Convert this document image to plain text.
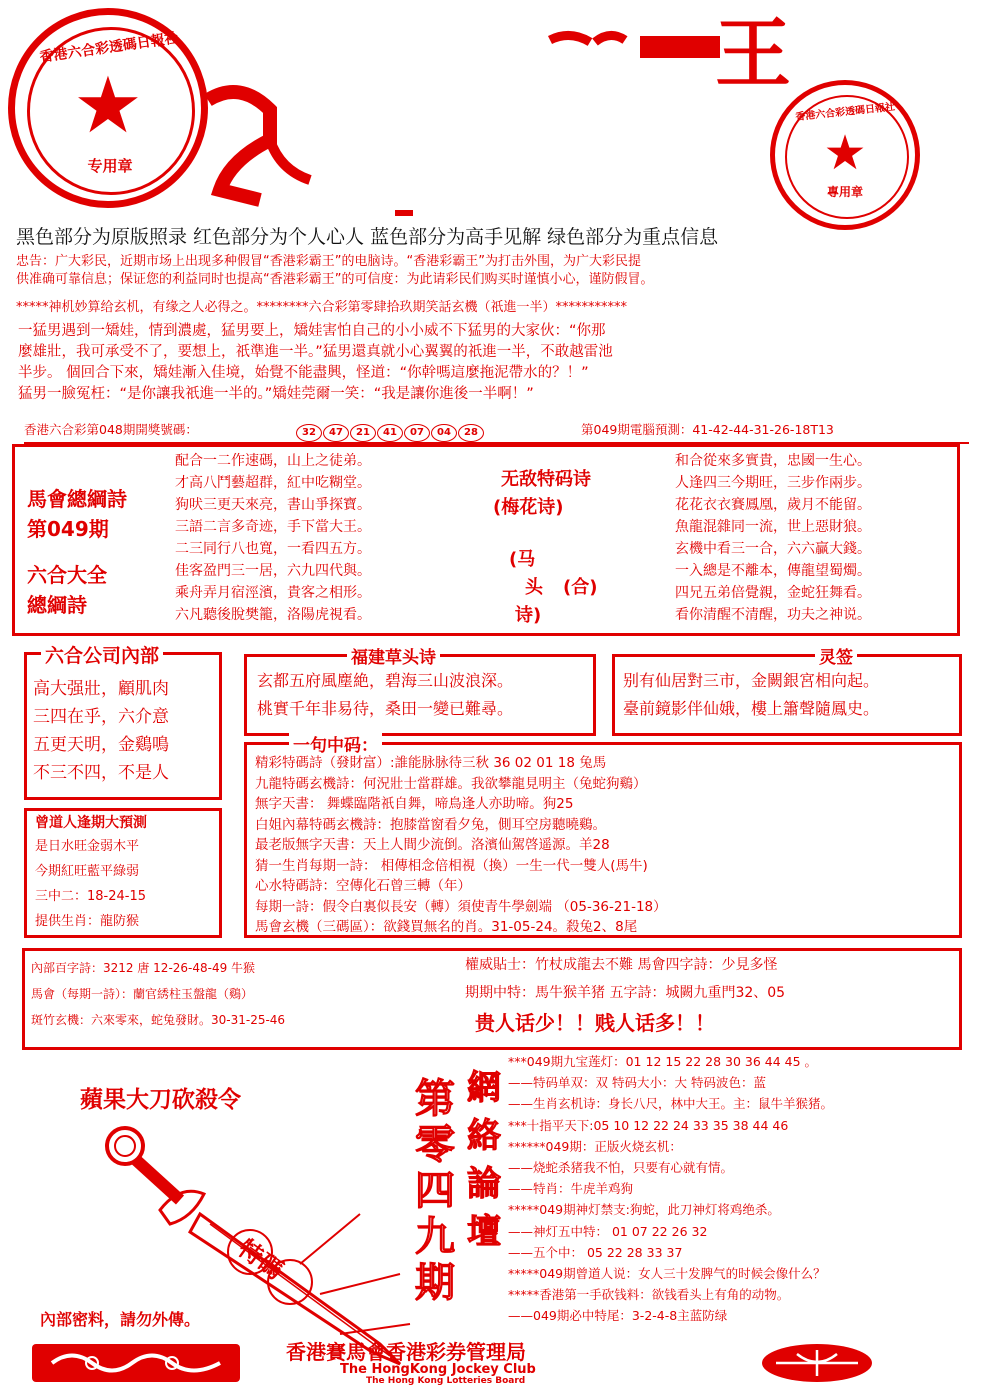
★
香港六合彩透碼日報社
专用章
王
★
香港六合彩透碼日報社
專用章
黑色部分为原版照录 红色部分为个人心人 蓝色部分为高手见解 绿色部分为重点信息
忠告：广大彩民，近期市场上出现多种假冒“香港彩霸王”的电脑诗。“香港彩霸王”为打击外围，为广大彩民提
供准确可靠信息；保证您的利益同时也提高“香港彩霸王”的可信度：为此请彩民们购买时谨慎小心，谨防假冒。
*****神机妙算给玄机，有缘之人必得之。********六合彩第零肆拾玖期笑話玄機（祇進一半）***********
一猛男遇到一矯娃，情到濃處，猛男要上，矯娃害怕自己的小小威不下猛男的大家伙：“你那
麼雄壯，我可承受不了，要想上，祇準進一半。”猛男還真就小心翼翼的祇進一半，不敢越雷池
半步。 個回合下來，矯娃漸入佳境，始覺不能盡興，怪道：“你幹嗎這麼拖泥帶水的？！”
猛男一臉冤枉：“是你讓我祇進一半的。”矯娃莞爾一笑：“我是讓你進後一半啊！”
香港六合彩第048期開獎號碼：	32 47 21 41 07 04 28	第049期電腦預測：41-42-44-31-26-18T13
馬會總綱詩
第049期
六合大全
總綱詩
配合一二作速碼，山上之徒弟。
才高八鬥藝超群，紅中吃糊堂。
狗吠三更天來亮，書山爭探寶。
三語二言多奇迹，手下當大王。
二三同行八也寬，一看四五方。
佳客盈門三一居，六九四代與。
乘舟弄月宿涇濱，貴客之相形。
六凡聽後脫樊籠，洛陽虎視看。
无敌特码诗
(梅花诗)
(马
头
诗)
(合)
和合從來多實貴，忠國一生心。
人逢四三今期旺，三步作兩步。
花花衣衣賽鳳凰，歲月不能留。
魚龍混雜同一流，世上惡財狼。
玄機中看三一合，六六贏大錢。
一入總是不離本，傳龍望蜀燭。
四兄五弟倍覺親，金蛇狂舞看。
看你清醒不清醒，功夫之神说。
六合公司內部
高大强壯，顧肌肉
三四在乎，六介意
五更天明，金鷄鳴
不三不四，不是人
福建草头诗
玄都五府風塵絶，碧海三山波浪深。
桃實千年非易待，桑田一變已難尋。
灵签
别有仙居對三市，金闕銀宮相向起。
臺前鏡影伴仙娥，樓上簫聲隨鳳史。
曾道人逢期大預測
是日水旺金弱木平
今期紅旺藍平綠弱
三中二：18-24-15
提供生肖：龍防猴
一句中码：
精彩特碼詩（發財富）:誰能脉脉待三秋 36 02 01 18 兔馬
九龍特碼玄機詩：何況壯士當群雄。我欲攀龍見明主（兔蛇狗鷄）
無字天書： 舞蝶臨階祇自舞，啼鳥逢人亦助啼。狗25
白姐內幕特碼玄機詩：抱膝當窗看夕兔，側耳空房聽曉鷄。
最老版無字天書：天上人間少流倒。洛濱仙駕啓遥源。羊28
猜一生肖每期一詩： 相傳相念倍相視（換）一生一代一雙人(馬牛)
心水特碼詩：空傳化石曾三轉（年）
每期一詩：假令白裏似長安（轉）須使青牛學劍端 （05-36-21-18）
馬會玄機（三碼區）：欲錢買無名的肖。31-05-24。殺兔2、8尾
內部百字詩：3212 唐 12-26-48-49 牛猴
馬會（每期一詩）：蘭官綉柱玉盤龍（鷄）
斑竹玄機：六來零來，蛇兔發財。30-31-25-46
權威貼士：竹杖成龍去不難 馬會四字詩：少見多怪
期期中特：馬牛猴羊猪 五字詩：城闕九重門32、05
贵人话少！！贱人话多！！
蘋果大刀砍殺令
特碼
內部密料，請勿外傳。
第
零
四
九
期
網
絡
論
壇
***049期九宝莲灯：01 12 15 22 28 30 36 44 45 。
——特码单双：双 特码大小：大 特码波色：蓝
——生肖玄机诗：身长八尺，林中大王。主：鼠牛羊猴猪。
***十指平天下:05 10 12 22 24 33 35 38 44 46
******049期：正版火烧玄机：
——烧蛇杀猪我不怕，只要有心就有情。
——特肖：牛虎羊鸡狗
*****049期神灯禁支:狗蛇，此刀神灯将鸡绝杀。
——神灯五中特： 01 07 22 26 32
——五个中： 05 22 28 33 37
*****049期曾道人说：女人三十发脾气的时候会像什么？
*****香港第一手砍钱料：欲钱看头上有角的动物。
——049期必中特尾：3-2-4-8主蓝防绿
香港賽馬會香港彩券管理局
The HongKong Jockey Club
The Hong Kong Lotteries Board
